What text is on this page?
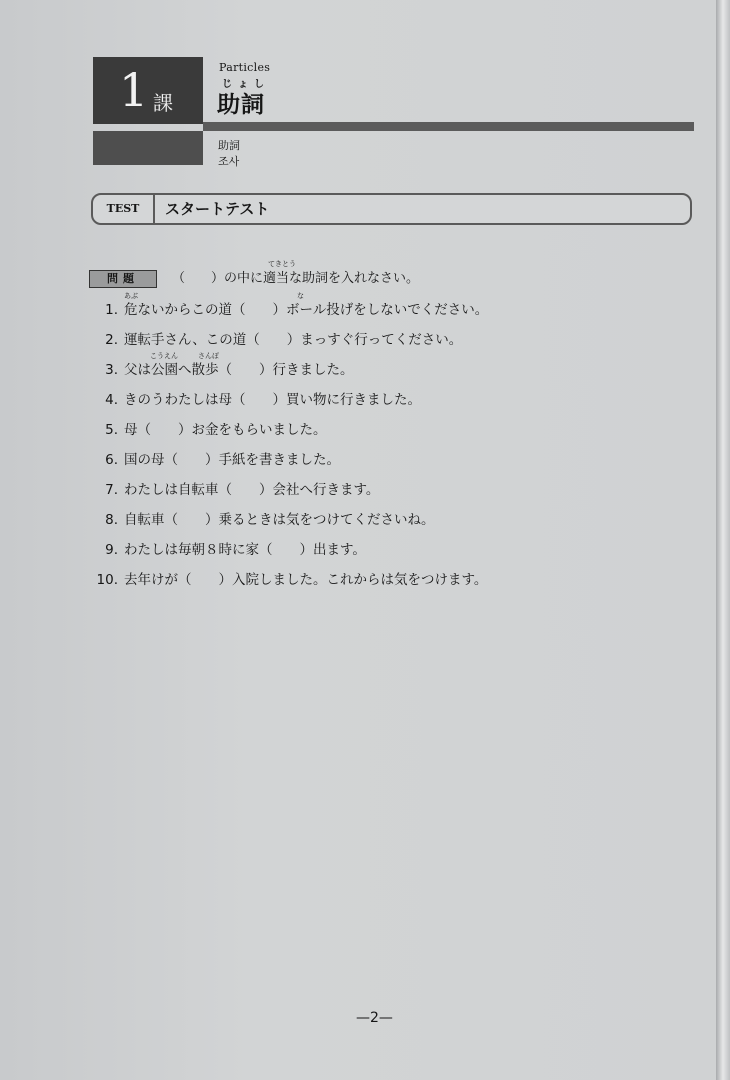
1 課
Particles
じょし
助詞
助詞
조사
TEST	スタートテスト
問題
てきとう
（　　）の中に適当な助詞を入れなさい。
1. 危ないからこの道（　　）ボール投げをしないでください。
あぶ	な
2. 運転手さん、この道（　　）まっすぐ行ってください。
3. 父は公園へ散歩（　　）行きました。
こうえん	さんぽ
4. きのうわたしは母（　　）買い物に行きました。
5. 母（　　）お金をもらいました。
6. 国の母（　　）手紙を書きました。
7. わたしは自転車（　　）会社へ行きます。
8. 自転車（　　）乗るときは気をつけてくださいね。
9. わたしは毎朝８時に家（　　）出ます。
10. 去年けが（　　）入院しました。これからは気をつけます。
—2—
